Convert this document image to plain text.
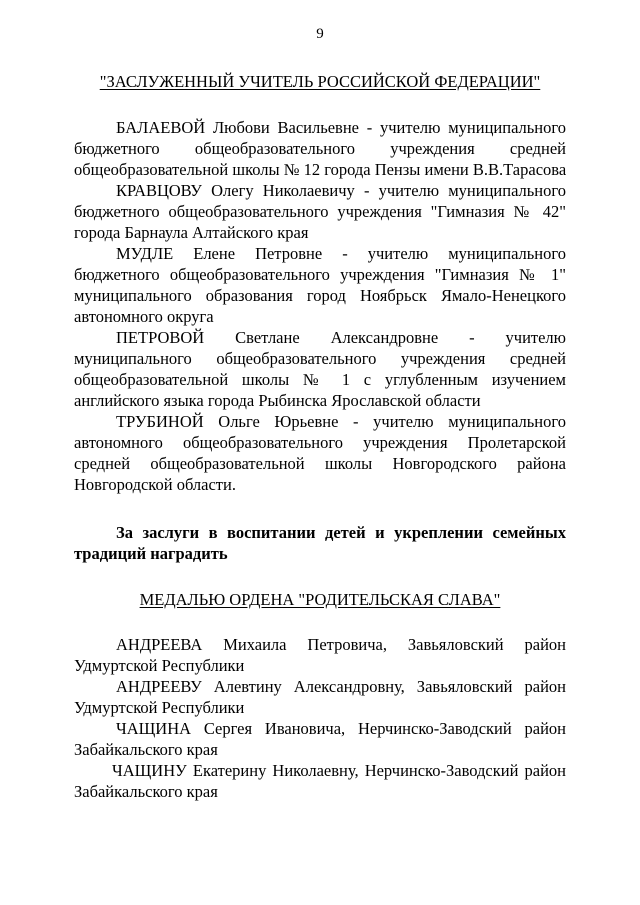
9
"ЗАСЛУЖЕННЫЙ УЧИТЕЛЬ РОССИЙСКОЙ ФЕДЕРАЦИИ"
БАЛАЕВОЙ Любови Васильевне - учителю муниципального
бюджетного общеобразовательного учреждения средней
общеобразовательной школы № 12 города Пензы имени В.В.Тарасова
КРАВЦОВУ Олегу Николаевичу - учителю муниципального
бюджетного общеобразовательного учреждения "Гимназия № 42"
города Барнаула Алтайского края
МУДЛЕ Елене Петровне - учителю муниципального
бюджетного общеобразовательного учреждения "Гимназия № 1"
муниципального образования город Ноябрьск Ямало-Ненецкого
автономного округа
ПЕТРОВОЙ Светлане Александровне - учителю
муниципального общеобразовательного учреждения средней
общеобразовательной школы № 1 с углубленным изучением
английского языка города Рыбинска Ярославской области
ТРУБИНОЙ Ольге Юрьевне - учителю муниципального
автономного общеобразовательного учреждения Пролетарской
средней общеобразовательной школы Новгородского района
Новгородской области.
За заслуги в воспитании детей и укреплении семейных
традиций наградить
МЕДАЛЬЮ ОРДЕНА "РОДИТЕЛЬСКАЯ СЛАВА"
АНДРЕЕВА Михаила Петровича, Завьяловский район
Удмуртской Республики
АНДРЕЕВУ Алевтину Александровну, Завьяловский район
Удмуртской Республики
ЧАЩИНА Сергея Ивановича, Нерчинско-Заводский район
Забайкальского края
ЧАЩИНУ Екатерину Николаевну, Нерчинско-Заводский район
Забайкальского края
